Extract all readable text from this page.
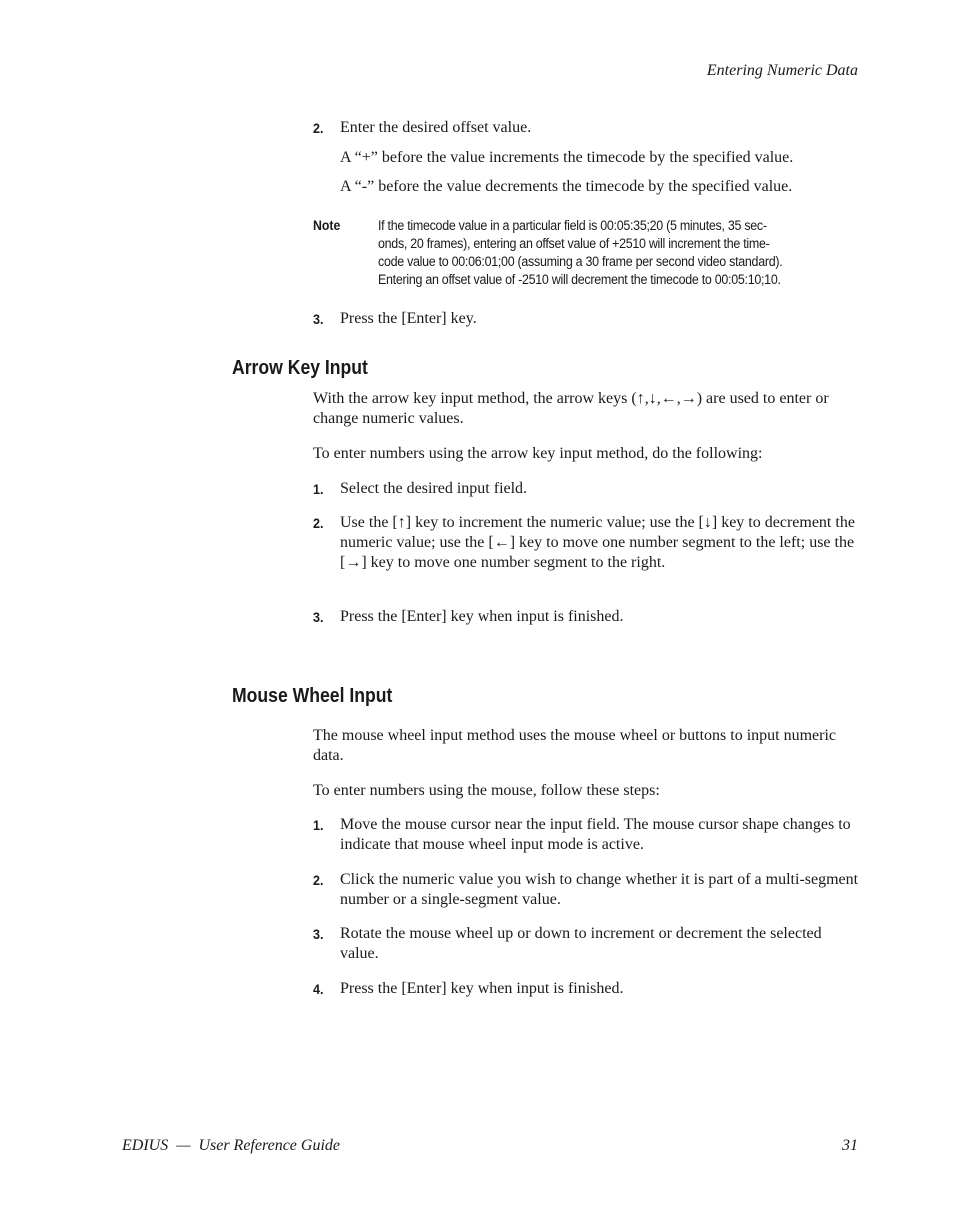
Entering Numeric Data
2. Enter the desired offset value.
A “+” before the value increments the timecode by the specified value.
A “-” before the value decrements the timecode by the specified value.
Note	If the timecode value in a particular field is 00:05:35;20 (5 minutes, 35 sec-
onds, 20 frames), entering an offset value of +2510 will increment the time-
code value to 00:06:01;00 (assuming a 30 frame per second video standard).
Entering an offset value of -2510 will decrement the timecode to 00:05:10;10.
3. Press the [Enter] key.
Arrow Key Input
With the arrow key input method, the arrow keys (↑,↓,←,→) are used to enter or change numeric values.
To enter numbers using the arrow key input method, do the following:
1. Select the desired input field.
2. Use the [↑] key to increment the numeric value; use the [↓] key to decrement the numeric value; use the [←] key to move one number segment to the left; use the [→] key to move one number segment to the right.
3. Press the [Enter] key when input is finished.
Mouse Wheel Input
The mouse wheel input method uses the mouse wheel or buttons to input numeric data.
To enter numbers using the mouse, follow these steps:
1. Move the mouse cursor near the input field. The mouse cursor shape changes to indicate that mouse wheel input mode is active.
2. Click the numeric value you wish to change whether it is part of a multi-segment number or a single-segment value.
3. Rotate the mouse wheel up or down to increment or decrement the selected value.
4. Press the [Enter] key when input is finished.
EDIUS  —  User Reference Guide	31
